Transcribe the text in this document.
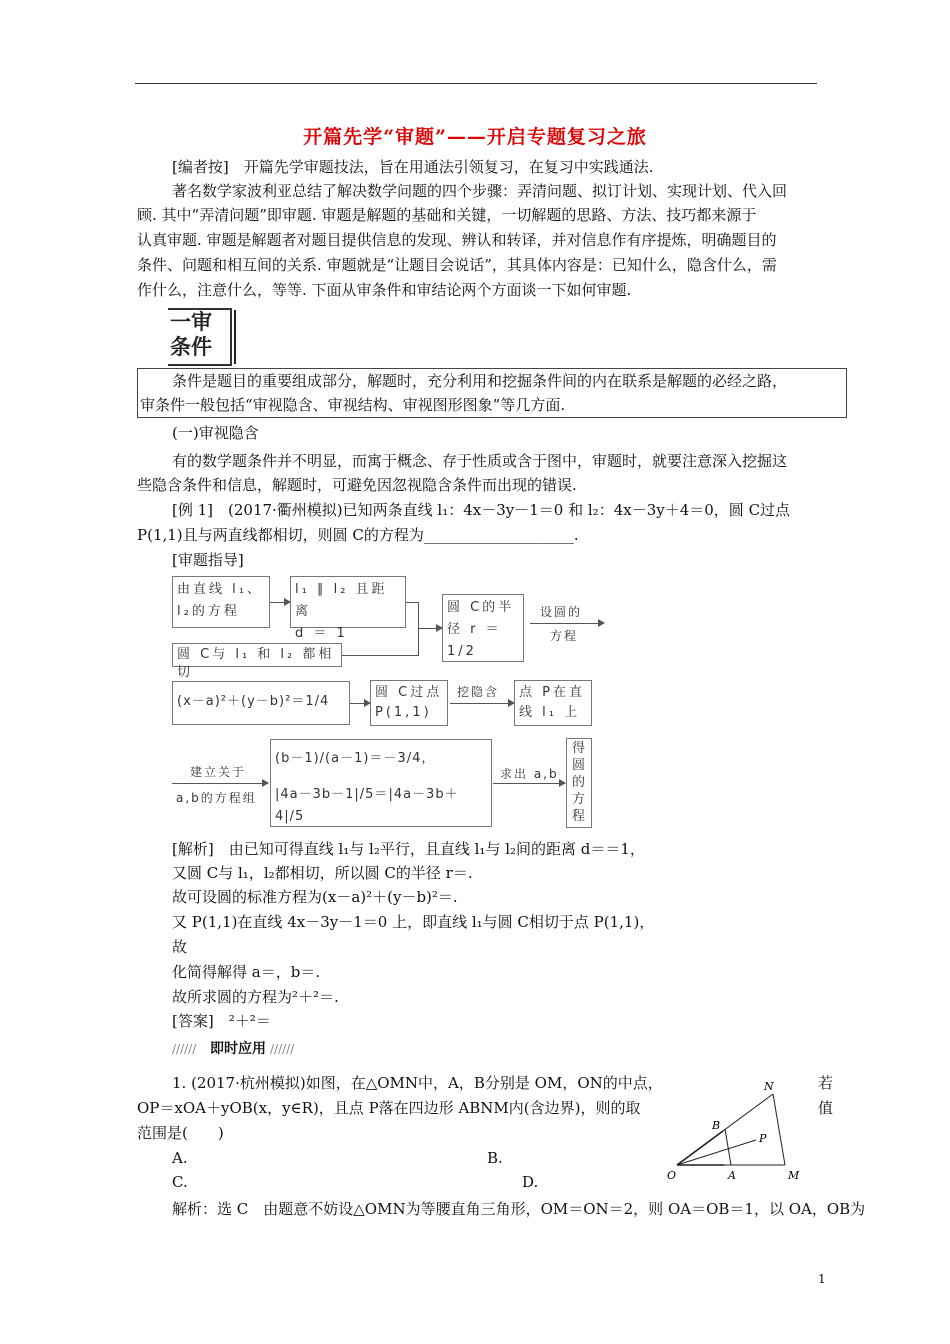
开篇先学“审题”——开启专题复习之旅
[编者按]　开篇先学审题技法，旨在用通法引领复习，在复习中实践通法.
著名数学家波利亚总结了解决数学问题的四个步骤：弄清问题、拟订计划、实现计划、代入回
顾. 其中“弄清问题”即审题. 审题是解题的基础和关键，一切解题的思路、方法、技巧都来源于
认真审题. 审题是解题者对题目提供信息的发现、辨认和转译，并对信息作有序提炼，明确题目的
条件、问题和相互间的关系. 审题就是“让题目会说话”，其具体内容是：已知什么，隐含什么，需
作什么，注意什么，等等. 下面从审条件和审结论两个方面谈一下如何审题.
一审
条件
条件是题目的重要组成部分，解题时，充分利用和挖掘条件间的内在联系是解题的必经之路，
审条件一般包括“审视隐含、审视结构、审视图形图象”等几方面.
(一)审视隐含
有的数学题条件并不明显，而寓于概念、存于性质或含于图中，审题时，就要注意深入挖掘这
些隐含条件和信息，解题时，可避免因忽视隐含条件而出现的错误.
[例 1]　(2017·衢州模拟)已知两条直线 l₁：4x－3y－1＝0 和 l₂：4x－3y＋4＝0，圆 C过点
P(1,1)且与两直线都相切，则圆 C的方程为____________________.
[审题指导]
由直线 l₁、l₂的方程
l₁ ∥ l₂ 且距离
d ＝ 1
圆 C与 l₁ 和 l₂ 都相切
圆 C的半
径 r ＝ 1/2
设圆的
方程
(x－a)²＋(y－b)²＝1/4
圆 C过点
P(1,1)
挖隐含 点 P在直
线 l₁ 上
建立关于
a,b的方程组
(b－1)/(a－1)＝－3/4，
|4a－3b－1|/5＝|4a－3b＋4|/5
求出 a,b
得
圆
的
方
程
[解析]　由已知可得直线 l₁与 l₂平行，且直线 l₁与 l₂间的距离 d＝＝1，
又圆 C与 l₁，l₂都相切，所以圆 C的半径 r＝.
故可设圆的标准方程为(x－a)²＋(y－b)²＝.
又 P(1,1)在直线 4x－3y－1＝0 上，即直线 l₁与圆 C相切于点 P(1,1)，
故
化简得解得 a＝，b＝.
故所求圆的方程为²＋²＝.
[答案]　²＋²＝
////// 即时应用 //////
1. (2017·杭州模拟)如图，在△OMN中，A，B分别是 OM，ON的中点，	若
OP＝xOA＋yOB(x，y∈R)，且点 P落在四边形 ABNM内(含边界)，则的取	值
范围是(　　)
A.	B.
C.	D.
N
B
P
O	A	M
解析：选 C　由题意不妨设△OMN为等腰直角三角形，OM＝ON＝2，则 OA＝OB＝1，以 OA，OB为
1
